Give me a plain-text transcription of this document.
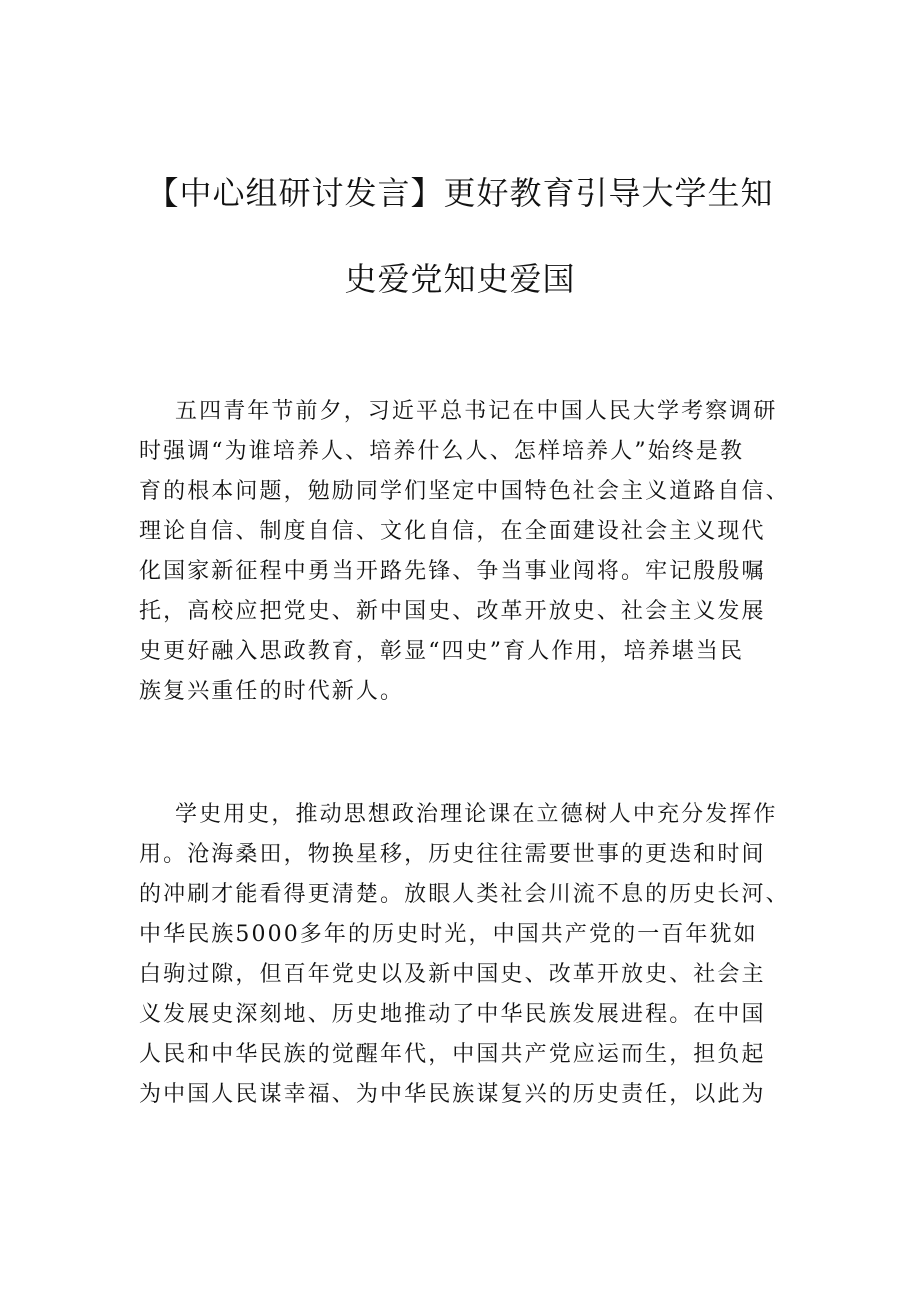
【中心组研讨发言】更好教育引导大学生知
史爱党知史爱国
五四青年节前夕，习近平总书记在中国人民大学考察调研
时强调“为谁培养人、培养什么人、怎样培养人”始终是教
育的根本问题，勉励同学们坚定中国特色社会主义道路自信、
理论自信、制度自信、文化自信，在全面建设社会主义现代
化国家新征程中勇当开路先锋、争当事业闯将。牢记殷殷嘱
托，高校应把党史、新中国史、改革开放史、社会主义发展
史更好融入思政教育，彰显“四史”育人作用，培养堪当民
族复兴重任的时代新人。
学史用史，推动思想政治理论课在立德树人中充分发挥作
用。沧海桑田，物换星移，历史往往需要世事的更迭和时间
的冲刷才能看得更清楚。放眼人类社会川流不息的历史长河、
中华民族5000多年的历史时光，中国共产党的一百年犹如
白驹过隙，但百年党史以及新中国史、改革开放史、社会主
义发展史深刻地、历史地推动了中华民族发展进程。在中国
人民和中华民族的觉醒年代，中国共产党应运而生，担负起
为中国人民谋幸福、为中华民族谋复兴的历史责任，以此为
